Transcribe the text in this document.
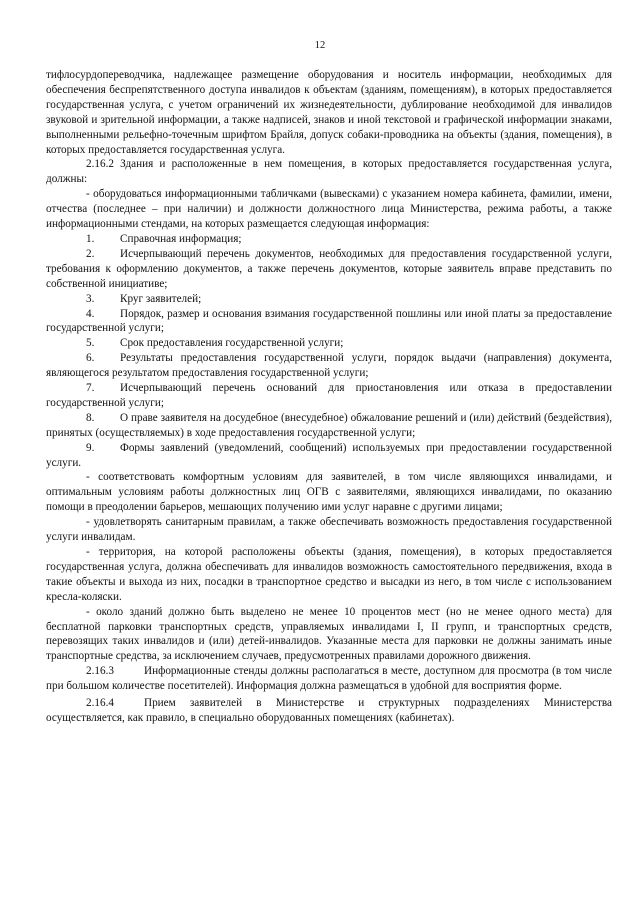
12

тифлосурдопереводчика, надлежащее размещение оборудования и носитель информации, необходимых для обеспечения беспрепятственного доступа инвалидов к объектам (зданиям, помещениям), в которых предоставляется государственная услуга, с учетом ограничений их жизнедеятельности, дублирование необходимой для инвалидов звуковой и зрительной информации, а также надписей, знаков и иной текстовой и графической информации знаками, выполненными рельефно-точечным шрифтом Брайля, допуск собаки-проводника на объекты (здания, помещения), в которых предоставляется государственная услуга.

2.16.2 Здания и расположенные в нем помещения, в которых предоставляется государственная услуга, должны:

- оборудоваться информационными табличками (вывесками) с указанием номера кабинета, фамилии, имени, отчества (последнее – при наличии) и должности должностного лица Министерства, режима работы, а также информационными стендами, на которых размещается следующая информация:

1. Справочная информация;
2. Исчерпывающий перечень документов, необходимых для предоставления государственной услуги, требования к оформлению документов, а также перечень документов, которые заявитель вправе представить по собственной инициативе;
3. Круг заявителей;
4. Порядок, размер и основания взимания государственной пошлины или иной платы за предоставление государственной услуги;
5. Срок предоставления государственной услуги;
6. Результаты предоставления государственной услуги, порядок выдачи (направления) документа, являющегося результатом предоставления государственной услуги;
7. Исчерпывающий перечень оснований для приостановления или отказа в предоставлении государственной услуги;
8. О праве заявителя на досудебное (внесудебное) обжалование решений и (или) действий (бездействия), принятых (осуществляемых) в ходе предоставления государственной услуги;
9. Формы заявлений (уведомлений, сообщений) используемых при предоставлении государственной услуги.

- соответствовать комфортным условиям для заявителей, в том числе являющихся инвалидами, и оптимальным условиям работы должностных лиц ОГВ с заявителями, являющихся инвалидами, по оказанию помощи в преодолении барьеров, мешающих получению ими услуг наравне с другими лицами;

- удовлетворять санитарным правилам, а также обеспечивать возможность предоставления государственной услуги инвалидам.

- территория, на которой расположены объекты (здания, помещения), в которых предоставляется государственная услуга, должна обеспечивать для инвалидов возможность самостоятельного передвижения, входа в такие объекты и выхода из них, посадки в транспортное средство и высадки из него, в том числе с использованием кресла-коляски.

- около зданий должно быть выделено не менее 10 процентов мест (но не менее одного места) для бесплатной парковки транспортных средств, управляемых инвалидами I, II групп, и транспортных средств, перевозящих таких инвалидов и (или) детей-инвалидов. Указанные места для парковки не должны занимать иные транспортные средства, за исключением случаев, предусмотренных правилами дорожного движения.

2.16.3	Информационные стенды должны располагаться в месте, доступном для просмотра (в том числе при большом количестве посетителей). Информация должна размещаться в удобной для восприятия форме.
2.16.4	Прием заявителей в Министерстве и структурных подразделениях Министерства осуществляется, как правило, в специально оборудованных помещениях (кабинетах).
